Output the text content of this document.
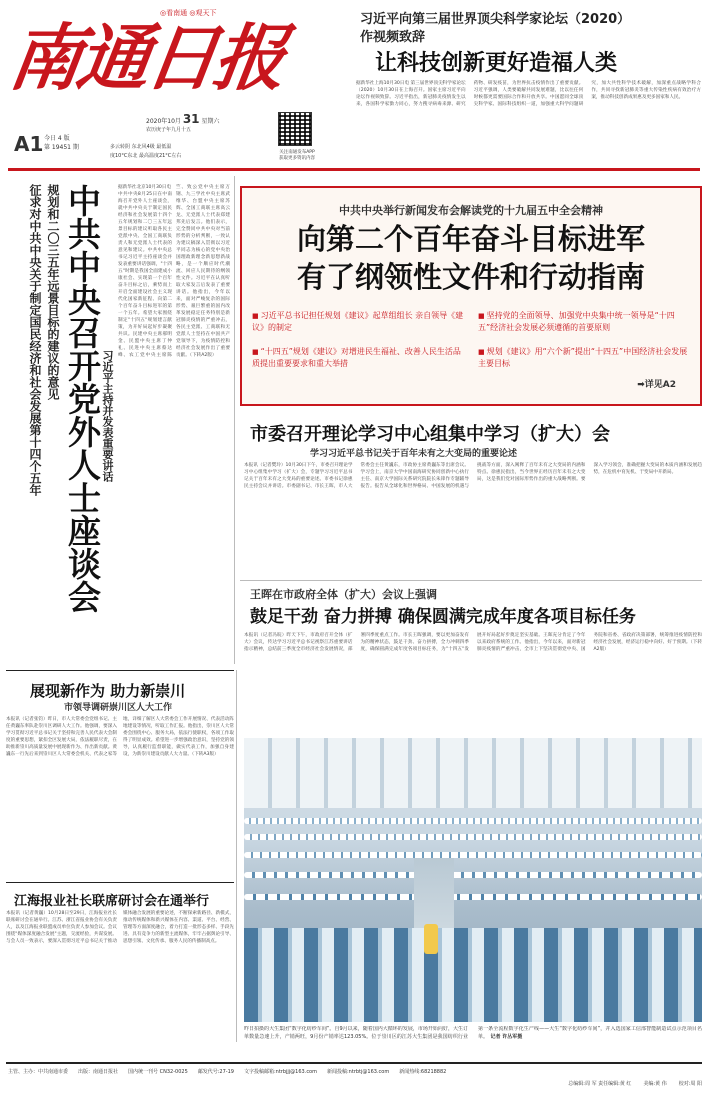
南通日报
◎看南通 ◎观天下
A1 今日 4 版
第 19451 期
2020年10月 31 星期六
农历庚子年九月十五
多云转阴 东北风4级 最低温
度10°C东北 最高温度21°C左右
关注南通发布APP
获取更多资讯内容
习近平向第三届世界顶尖科学家论坛（2020）
作视频致辞
让科技创新更好造福人类
据新华社上海10月30日电 第三届世界顶尖科学家论坛（2020）10月30日在上海召开。国家主席习近平向论坛作视频致辞。习近平指出，新冠肺炎疫情发生以来，各国科学家勠力同心，努力搜寻病毒来源、研究药物、研发疫苗，为世界抗击疫情作出了重要贡献。习近平强调，人类要破解共同发展难题，比以往任何时候都更需要国际合作和开放共享。中国愿同全球顶尖科学家、国际科技组织一道，加强重大科学问题研究，加大共性科学技术破解，加深重点战略学科合作，共同寻找新冠肺炎等重大传染性疾病有效治疗方案，推动科技创新成果惠及更多国家和人民。
规划和二〇三五年远景目标的建议的意见
征求对中共中央关于制定国民经济和社会发展第十四个五年 中共中央召开党外人士座谈会 习近平主持并发表重要讲话
据新华社北京10月30日电　中共中央8月25日在中南海召开党外人士座谈会，就中共中央关于制定国民经济和社会发展第十四个五年规划和二〇三五年远景目标的建议听取各民主党派中央、全国工商联负责人和无党派人士代表的意见和建议。中共中央总书记习近平主持座谈会并发表重要讲话强调，"十四五"时期是我国全面建成小康社会、实现第一个百年奋斗目标之后，乘势而上开启全面建设社会主义现代化国家新征程、向第二个百年奋斗目标进军的第一个五年。希望大家围绕制定"十四五"规划建言献策，为开好局起好步凝聚共识。民建中央主席郝明金、民盟中央主席丁仲礼、民进中央主席蔡达峰、农工党中央主席陈竺、致公党中央主席万钢、九三学社中央主席武维华、台盟中央主席苏辉、全国工商联主席高云龙、无党派人士代表郑建邦先后发言。他们表示，完全赞同中共中央对当前形势的分析判断，一致认为建议稿深入贯彻以习近平同志为核心的党中央治国理政新理念新思想新战略，是一个顺应时代潮流、回应人民期待的纲领性文件。习近平在认真听取大家发言后发表了重要讲话。他指出，今年以来，面对严峻复杂的国际形势、艰巨繁重的国内改革发展稳定任务特别是新冠肺炎疫情的严重冲击，各民主党派、工商联和无党派人士坚持在中国共产党领导下，为疫情防控和经济社会发展作出了重要贡献。（下转A2版）
中共中央举行新闻发布会解读党的十九届五中全会精神
向第二个百年奋斗目标进军
有了纲领性文件和行动指南
■ 习近平总书记担任规划《建议》起草组组长 亲自领导《建议》的制定
■ 坚持党的全面领导、加强党中央集中统一领导是“十四五”经济社会发展必须遵循的首要原则
■ “十四五”规划《建议》对增进民生福祉、改善人民生活品质提出重要要求和重大举措
■ 规划《建议》用“六个新”提出“十四五”中国经济社会发展主要目标
➡详见A2
市委召开理论学习中心组集中学习（扩大）会
学习习近平总书记关于百年未有之大变局的重要论述
本报讯（记者樊玲）10月30日下午，市委召开理论学习中心组集中学习（扩大）会，专题学习习近平总书记关于百年未有之大变局的重要论述。市委书记徐惠民主持会议并讲话。市委副书记、市长王晖，市人大常委会主任黄巍东，市政协主席黄巍东等出席会议。学习会上，南京大学中国南海研究协同创新中心执行主任、南京大学国际关系研究院院长朱锋作专题辅导报告。报告从全球化和世界格局、中国发展的机遇与挑战等方面，深入阐释了百年未有之大变局的内涵和特点。徐惠民指出，当今世界正经历百年未有之大变局，这是我们党对国际形势作出的重大战略判断。要深入学习领会，准确把握大变局的本质内涵和发展趋势，在危机中育先机、于变局中开新局。
王晖在市政府全体（扩大）会议上强调
鼓足干劲 奋力拼搏 确保圆满完成年度各项目标任务
本报讯（记者冯皖）昨天下午，市政府召开全体（扩大）会议，传达学习习近平总书记视察江苏重要讲话指示精神，总结前三季度全市经济社会发展情况，部署四季度重点工作。市长王晖强调，要以更加奋发有为的精神状态，鼓足干劲、奋力拼搏，全力冲刺四季度，确保圆满完成年度各项目标任务，为"十四五"发展开好局起好步奠定坚实基础。王晖充分肯定了今年以来政府系统的工作。他指出，今年以来，面对新冠肺炎疫情的严重冲击，全市上下坚决贯彻党中央、国务院和省委、省政府决策部署，统筹推进疫情防控和经济社会发展，经济运行稳中向好、好于预期。（下转A2版）
展现新作为 助力新崇川
市领导调研崇川区人大工作
本报讯（记者张钧）昨日，市人大常委会党组书记、主任黄巍东率队赴崇川区调研人大工作。他强调，要深入学习贯彻习近平总书记关于坚持和完善人民代表大会制度的重要思想，紧扣全区发展大局，依法履职尽责，在助推新崇川高质量发展中展现新作为、作出新贡献。黄巍东一行先后来到崇川区人大常委会机关、代表之家等地，详细了解区人大常委会工作开展情况、代表活动阵地建设等情况，听取工作汇报。他指出，崇川区人大常委会围绕中心、服务大局，依法行使职权，各项工作取得了明显成效。希望进一步增强政治意识，坚持党的领导，认真履行监督职能，做实代表工作，加强自身建设，为新崇川建设贡献人大力量。（下转A3版）
江海报业社长联席研讨会在通举行
本报讯（记者黄巍）10月28日至29日，江海报业社长联席研讨会在通举行。江苏、浙江省报业协会有关负责人，以及江海报业联盟成员单位负责人参加会议。会议围绕"媒体深度融合发展"主题，交流经验，共谋发展。与会人员一致表示，要深入贯彻习近平总书记关于推动媒体融合发展的重要论述，不断探索新路径、新模式，推动传统媒体和新兴媒体在内容、渠道、平台、经营、管理等方面深度融合，着力打造一批形态多样、手段先进、具有竞争力的新型主流媒体，牢牢占据舆论引导、思想引领、文化传承、服务人民的传播制高点。
昨日拍摄的大生集团“数字化纺纱车间”。自9月以来，随着国内大循环的发展，市场开始向好，大生订单数量急速上升，产销两旺，9月份产销率达123.05%。位于崇川区的江苏大生集团是我国纺织行业第一条全流程数字化生产线——大生“数字化纺纱车间”，并入选国家工信部智能制造试点示范项目名单。　 记者 许丛军摄
主管、主办：中共南通市委 出版：南通日报社 国内统一刊号 CN32-0025 邮发代号:27-19 文字投稿邮箱:ntrbjjj@163.com 新闻投稿:ntrbtj@163.com 新闻热线:68218882
总编辑:周 军 责任编辑:黄 红 美编:黄 伟 校对:周 阳
